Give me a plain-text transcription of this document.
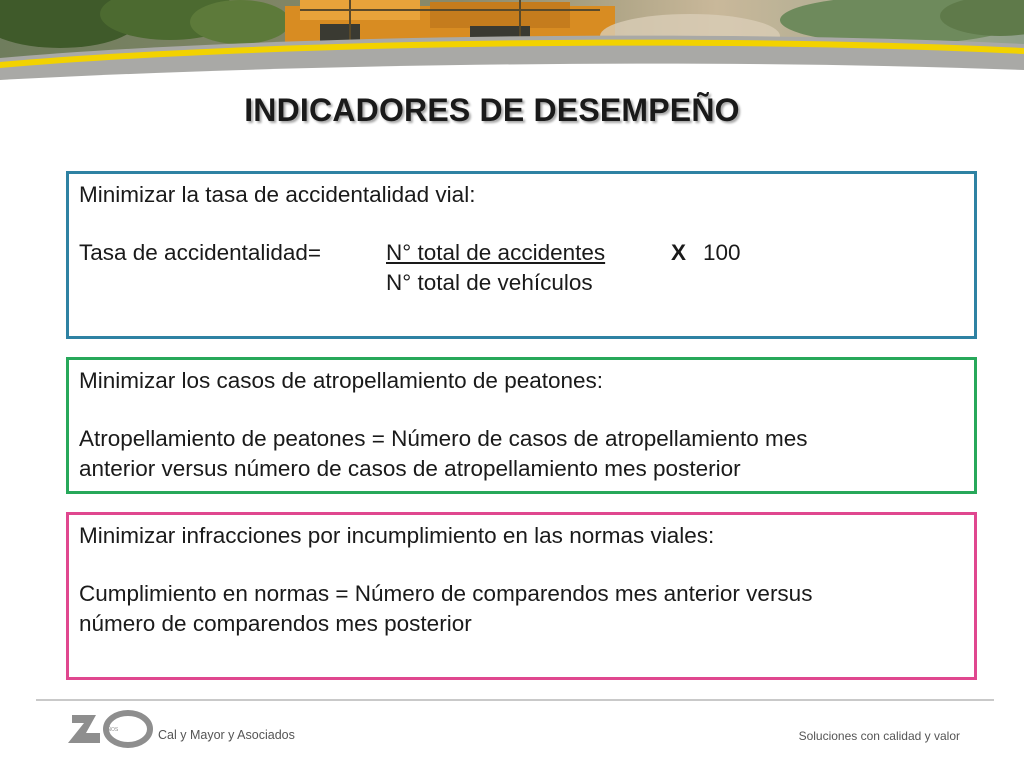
INDICADORES DE DESEMPEÑO
Minimizar la tasa de accidentalidad vial:
Tasa de accidentalidad=	N° total de accidentes	X 100
N° total de vehículos
Minimizar los casos de atropellamiento de peatones:
Atropellamiento de peatones = Número de casos de atropellamiento mes
anterior versus número de casos de atropellamiento mes posterior
Minimizar infracciones por incumplimiento en las normas viales:
Cumplimiento en normas = Número de comparendos mes anterior versus
número de comparendos mes posterior
AÑOS	Cal y Mayor y Asociados	Soluciones con calidad y valor
